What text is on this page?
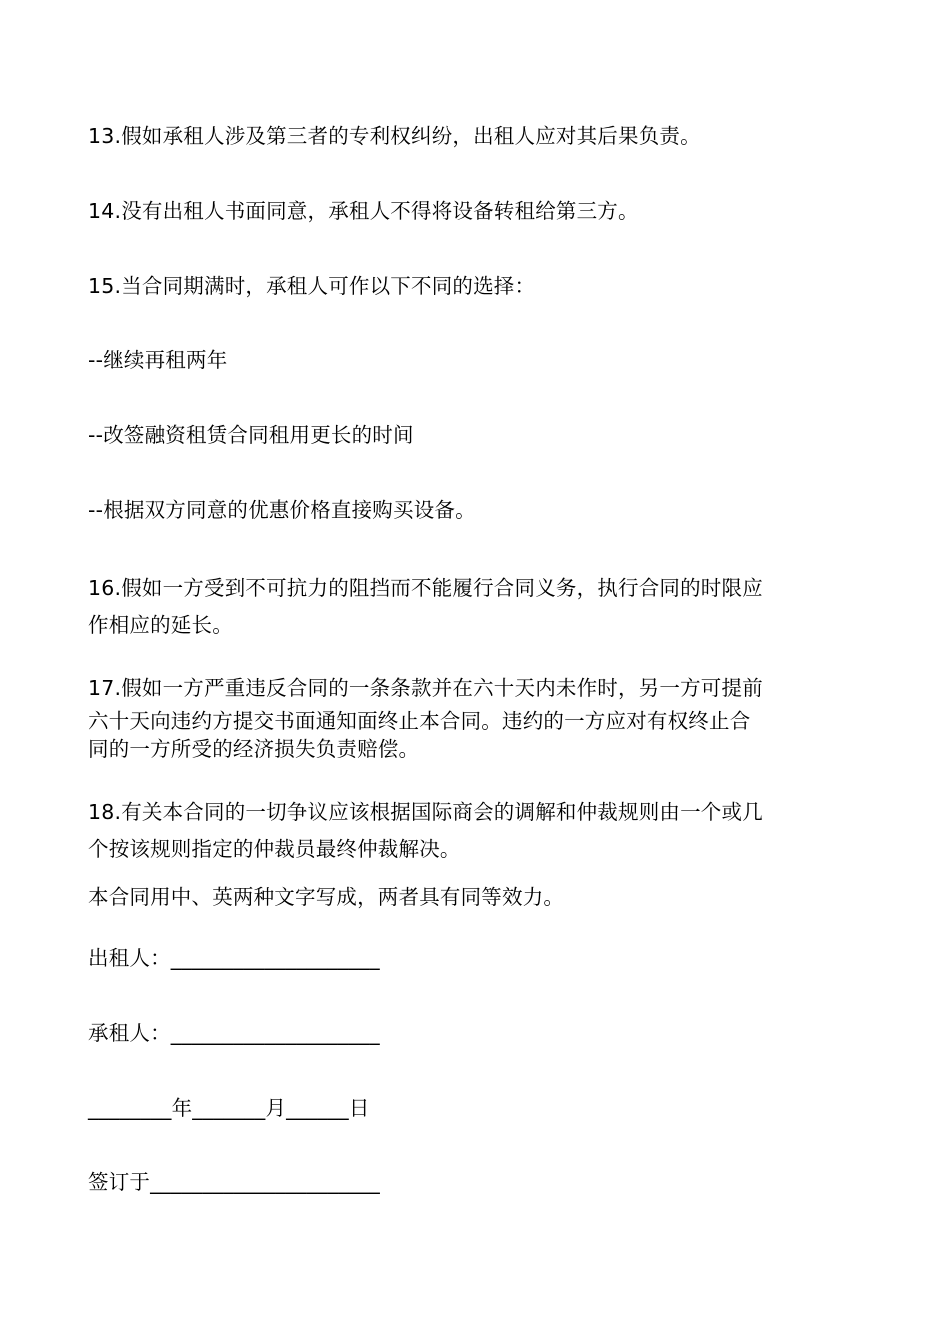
13.假如承租人涉及第三者的专利权纠纷，出租人应对其后果负责。
14.没有出租人书面同意，承租人不得将设备转租给第三方。
15.当合同期满时，承租人可作以下不同的选择：
--继续再租两年
--改签融资租赁合同租用更长的时间
--根据双方同意的优惠价格直接购买设备。
16.假如一方受到不可抗力的阻挡而不能履行合同义务，执行合同的时限应
作相应的延长。
17.假如一方严重违反合同的一条条款并在六十天内未作时，另一方可提前
六十天向违约方提交书面通知面终止本合同。违约的一方应对有权终止合
同的一方所受的经济损失负责赔偿。
18.有关本合同的一切争议应该根据国际商会的调解和仲裁规则由一个或几
个按该规则指定的仲裁员最终仲裁解决。
本合同用中、英两种文字写成，两者具有同等效力。
出租人：____________________
承租人：____________________
________年_______月______日
签订于______________________
